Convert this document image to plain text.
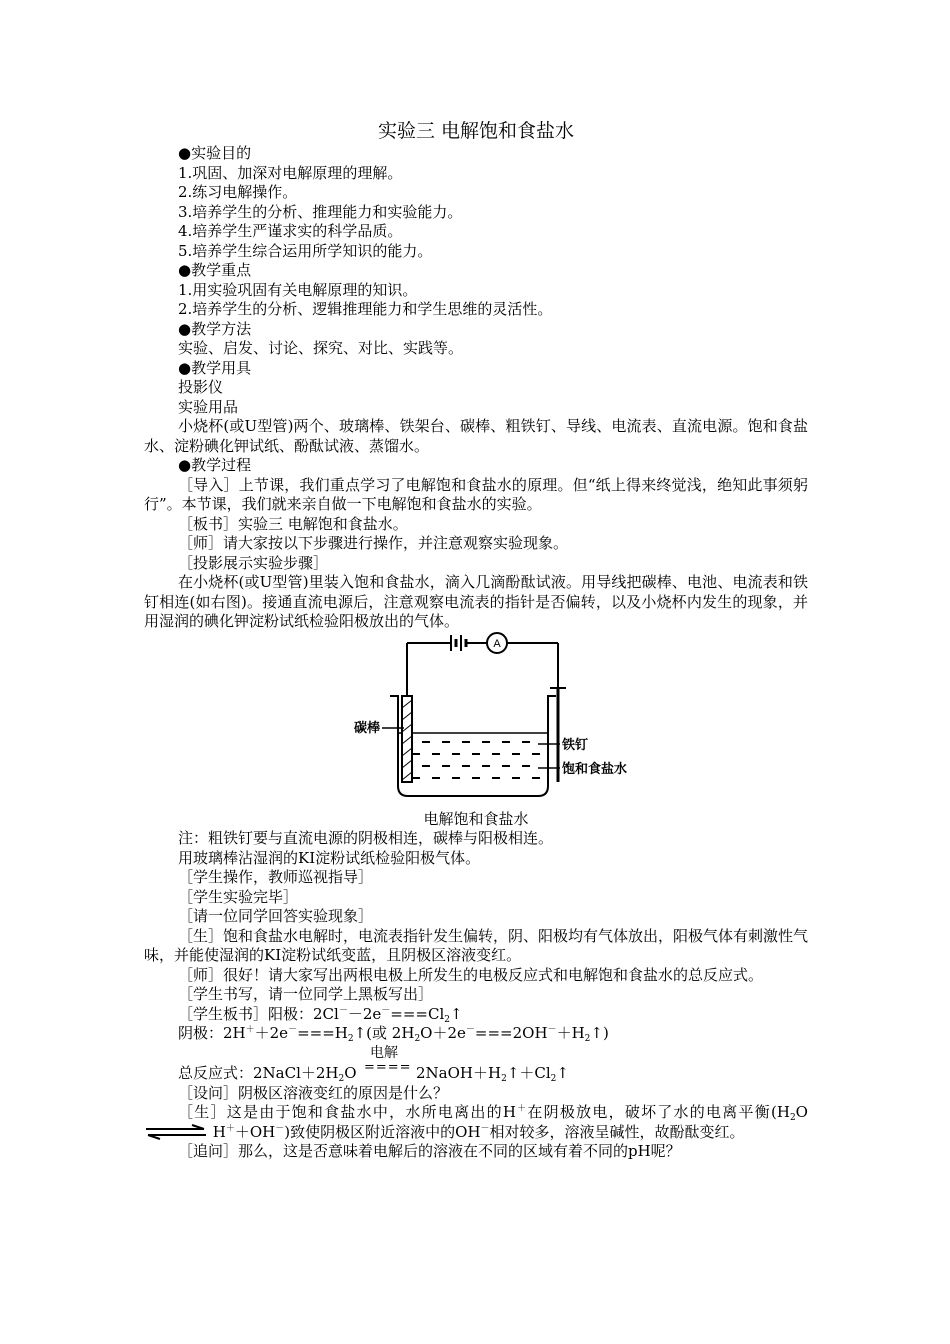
实验三 电解饱和食盐水

●实验目的

1.巩固、加深对电解原理的理解。

2.练习电解操作。

3.培养学生的分析、推理能力和实验能力。

4.培养学生严谨求实的科学品质。

5.培养学生综合运用所学知识的能力。

●教学重点

1.用实验巩固有关电解原理的知识。

2.培养学生的分析、逻辑推理能力和学生思维的灵活性。

●教学方法

实验、启发、讨论、探究、对比、实践等。

●教学用具

投影仪

实验用品

小烧杯(或U型管)两个、玻璃棒、铁架台、碳棒、粗铁钉、导线、电流表、直流电源。饱和食盐水、淀粉碘化钾试纸、酚酞试液、蒸馏水。

●教学过程

［导入］上节课，我们重点学习了电解饱和食盐水的原理。但“纸上得来终觉浅，绝知此事须躬行”。本节课，我们就来亲自做一下电解饱和食盐水的实验。

［板书］实验三 电解饱和食盐水。

［师］请大家按以下步骤进行操作，并注意观察实验现象。

［投影展示实验步骤］

在小烧杯(或U型管)里装入饱和食盐水，滴入几滴酚酞试液。用导线把碳棒、电池、电流表和铁钉相连(如右图)。接通直流电源后，注意观察电流表的指针是否偏转，以及小烧杯内发生的现象，并用湿润的碘化钾淀粉试纸检验阳极放出的气体。

A
碳棒
铁钉
饱和食盐水
电解饱和食盐水

注：粗铁钉要与直流电源的阴极相连，碳棒与阳极相连。

用玻璃棒沾湿润的KI淀粉试纸检验阳极气体。

［学生操作，教师巡视指导］

［学生实验完毕］

［请一位同学回答实验现象］

［生］饱和食盐水电解时，电流表指针发生偏转，阴、阳极均有气体放出，阳极气体有刺激性气味，并能使湿润的KI淀粉试纸变蓝，且阴极区溶液变红。

［师］很好！请大家写出两根电极上所发生的电极反应式和电解饱和食盐水的总反应式。

［学生书写，请一位同学上黑板写出］

［学生板书］阳极：$2Cl^--2e^-===Cl_2↑$

阴极：$2H^++2e^-===H_2↑$(或 $2H_2O+2e^-===2OH^-+H_2↑$)

电解
====
总反应式：$2NaCl+2H_2O$	$2NaOH+H_2↑+Cl_2↑$

［设问］阴极区溶液变红的原因是什么？

［生］这是由于饱和食盐水中，水所电离出的H＋在阴极放电，破坏了水的电离平衡($H_2O$  H＋＋OH－)致使阴极区附近溶液中的OH－相对较多，溶液呈碱性，故酚酞变红。

［追问］那么，这是否意味着电解后的溶液在不同的区域有着不同的pH呢？
